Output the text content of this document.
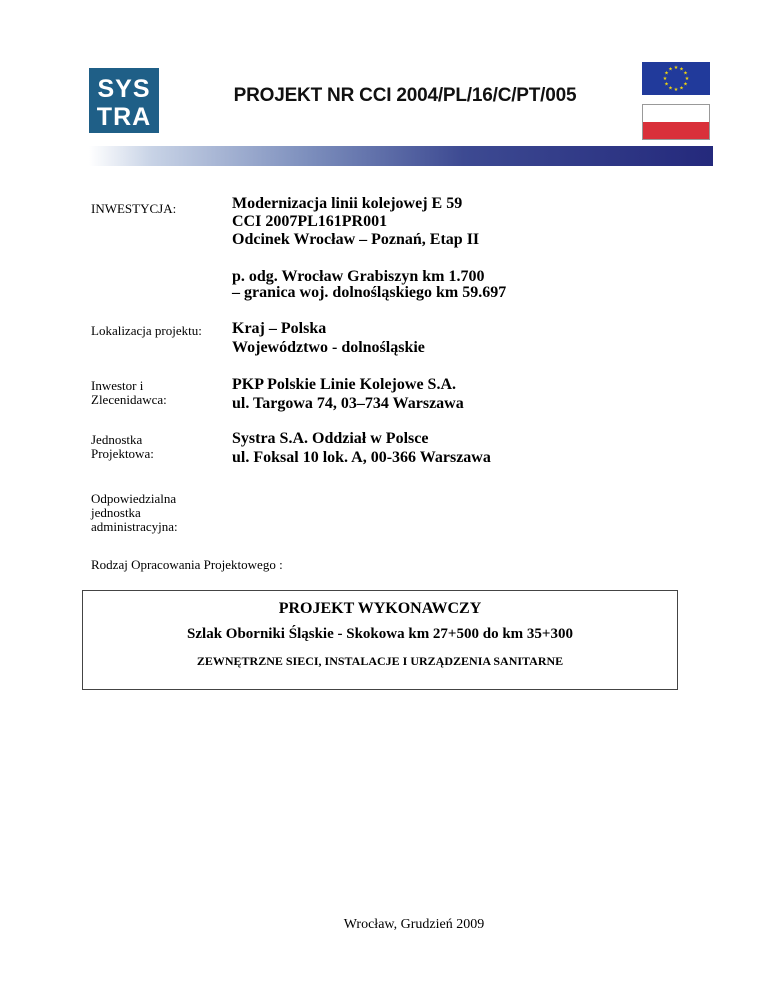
SYS
TRA
PROJEKT NR CCI 2004/PL/16/C/PT/005
★ ★
★
★
★
★
★
★
★
★
★
★
INWESTYCJA:	Modernizacja linii kolejowej E 59
CCI 2007PL161PR001
Odcinek Wrocław – Poznań, Etap II
p. odg. Wrocław Grabiszyn km 1.700
– granica woj. dolnośląskiego km 59.697
Lokalizacja projektu: Kraj – Polska
Województwo - dolnośląskie
Inwestor i
Zlecenidawca:
PKP Polskie Linie Kolejowe S.A.
ul. Targowa 74, 03–734 Warszawa
Jednostka
Projektowa:
Systra S.A. Oddział w Polsce
ul. Foksal 10 lok. A, 00-366 Warszawa
Odpowiedzialna
jednostka
administracyjna:
Rodzaj Opracowania Projektowego :
PROJEKT WYKONAWCZY
Szlak Oborniki Śląskie - Skokowa km 27+500 do km 35+300
ZEWNĘTRZNE SIECI, INSTALACJE I URZĄDZENIA SANITARNE
Wrocław, Grudzień 2009
